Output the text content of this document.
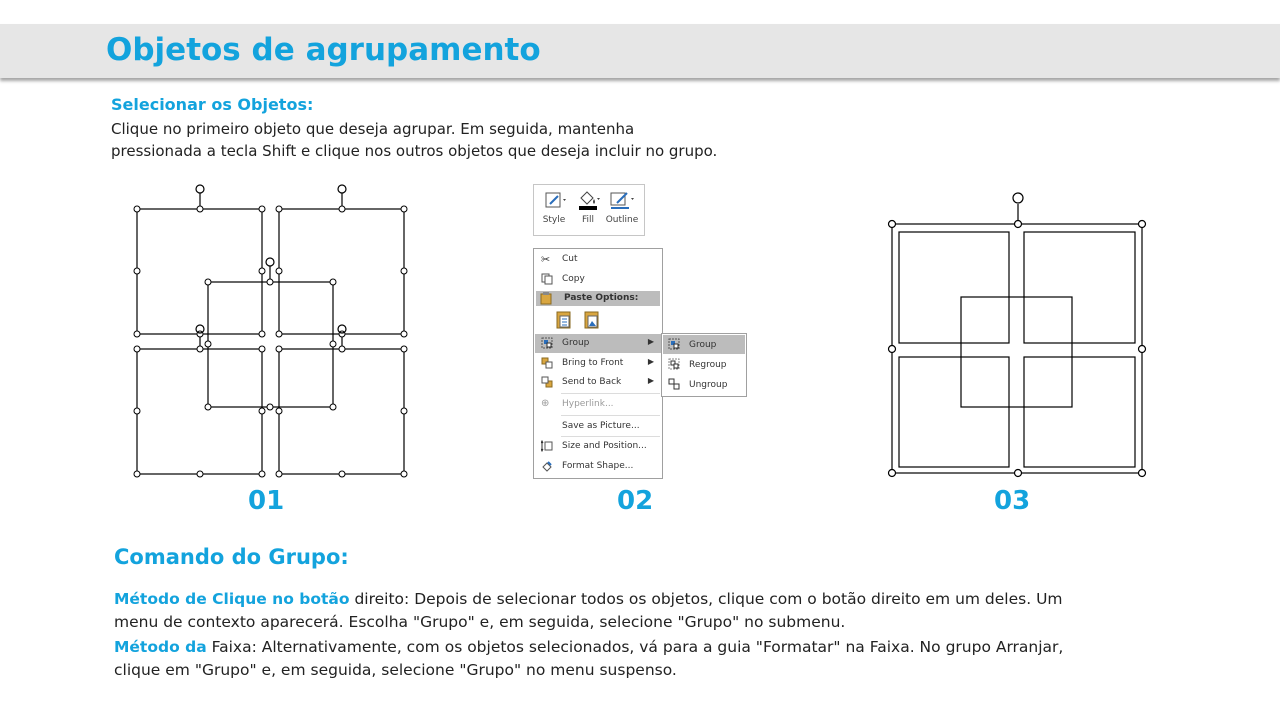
Objetos de agrupamento
Selecionar os Objetos:
Clique no primeiro objeto que deseja agrupar. Em seguida, mantenha
pressionada a tecla Shift e clique nos outros objetos que deseja incluir no grupo.
01
Style	Fill	Outline
✂	Cut
Copy
Paste Options:
Group	▶
Bring to Front	▶
Send to Back	▶
⊕	Hyperlink...
Save as Picture...
Size and Position...
Format Shape...
Group
Regroup
Ungroup
02	03
Comando do Grupo:
Método de Clique no botão direito: Depois de selecionar todos os objetos, clique com o botão direito em um deles. Um menu de contexto aparecerá. Escolha "Grupo" e, em seguida, selecione "Grupo" no submenu.
Método da Faixa: Alternativamente, com os objetos selecionados, vá para a guia "Formatar" na Faixa. No grupo Arranjar, clique em "Grupo" e, em seguida, selecione "Grupo" no menu suspenso.
